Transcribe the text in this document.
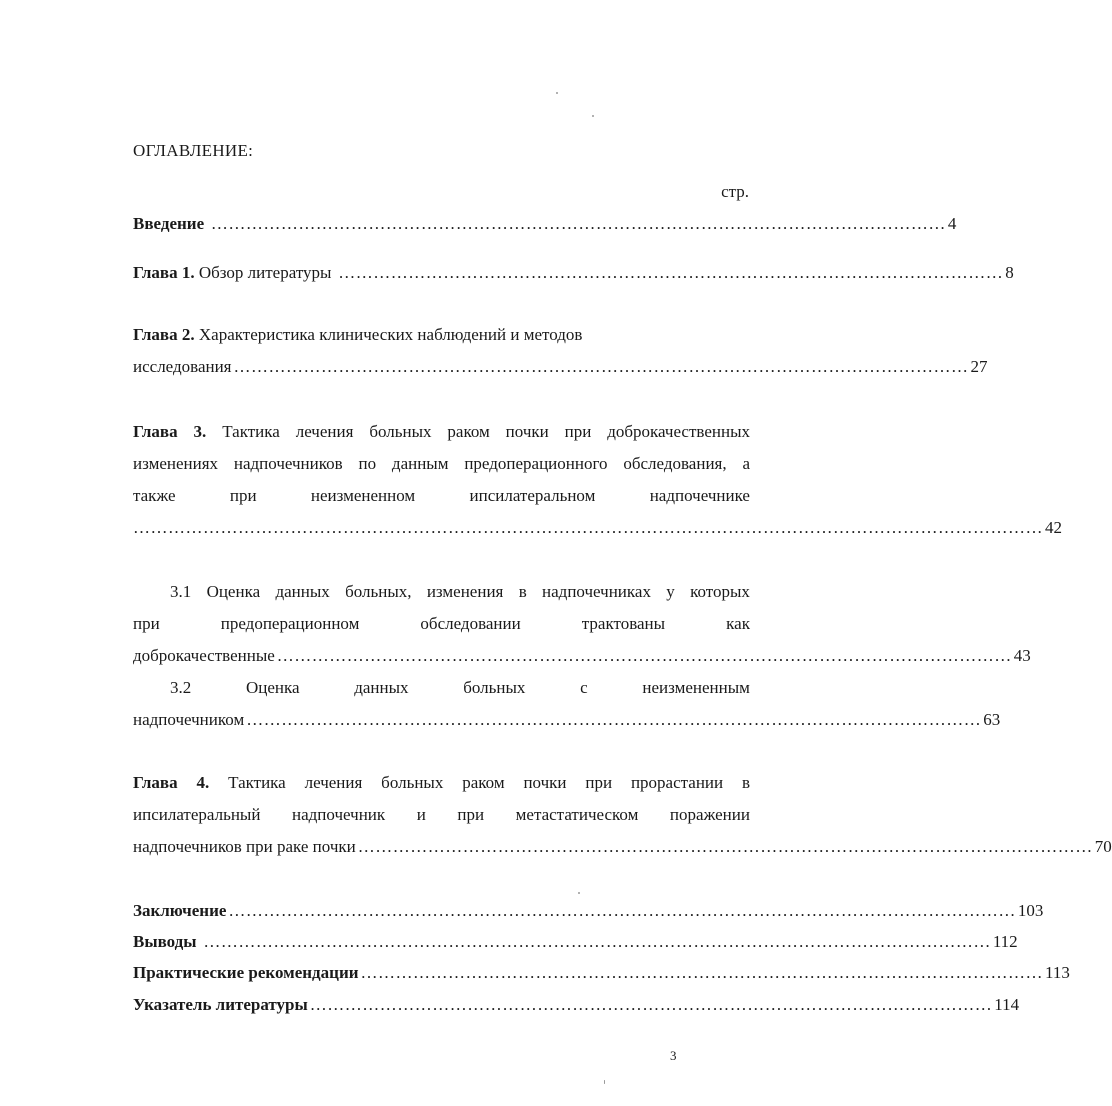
ОГЛАВЛЕНИЕ:
стр.
Введение ……………………………………………………………………………………………………………… 4
Глава 1. Обзор литературы …………………………………………………………………………………………………… 8
Глава 2. Характеристика клинических наблюдений и методов
исследования ……………………………………………………………………………………………………………… 27
Глава 3. Тактика лечения больных раком почки при доброкачественных
изменениях надпочечников по данным предоперационного обследования, а
также	при	неизмененном	ипсилатеральном	надпочечнике
………………………………………………………………………………………………………………………………………… 42
3.1 Оценка данных больных, изменения в надпочечниках у которых
при	предоперационном	обследовании	трактованы	как
доброкачественные ……………………………………………………………………………………………………………… 43
3.2	Оценка	данных	больных	с	неизмененным
надпочечником ……………………………………………………………………………………………………………… 63
Глава 4. Тактика лечения больных раком почки при прорастании в
ипсилатеральный надпочечник и при метастатическом поражении
надпочечников при раке почки ……………………………………………………………………………………………………………… 70
Заключение ……………………………………………………………………………………………………………………… 103
Выводы ……………………………………………………………………………………………………………………… 112
Практические рекомендации ……………………………………………………………………………………………………… 113
Указатель литературы ……………………………………………………………………………………………………… 114
3
